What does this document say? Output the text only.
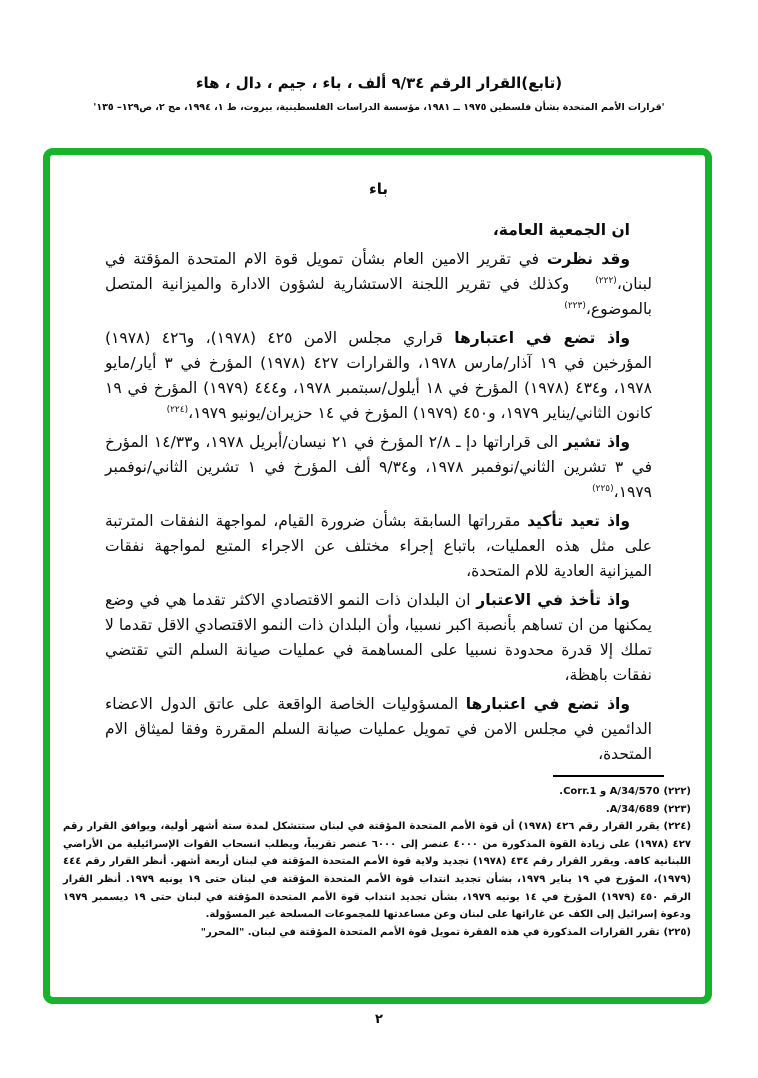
(تابع)القرار الرقم ٩/٣٤ ألف ، باء ، جيم ، دال ، هاء
'قرارات الأمم المتحدة بشأن فلسطين ١٩٧٥ ــ ١٩٨١، مؤسسة الدراسات الفلسطينية، بيروت، ط ١، ١٩٩٤، مج ٢، ص١٢٩– ١٣٥'
باء

ان الجمعية العامة،

وقد نظرت في تقرير الامين العام بشأن تمويل قوة الام المتحدة المؤقتة في لبنان،$^{(٢٢٢)}$   وكذلك في تقرير اللجنة الاستشارية لشؤون الادارة والميزانية المتصل بالموضوع،$^{(٢٢٣)}$

واذ تضع في اعتبارها قراري مجلس الامن ٤٢٥ (١٩٧٨)، و٤٢٦ (١٩٧٨) المؤرخين في ١٩ آذار/مارس ١٩٧٨، والقرارات ٤٢٧ (١٩٧٨) المؤرخ في ٣ أيار/مايو ١٩٧٨، و٤٣٤ (١٩٧٨) المؤرخ في ١٨ أيلول/سبتمبر ١٩٧٨، و٤٤٤ (١٩٧٩) المؤرخ في ١٩ كانون الثاني/يناير ١٩٧٩، و٤٥٠ (١٩٧٩) المؤرخ في ١٤ حزيران/يونيو ١٩٧٩،$^{(٢٢٤)}$

واذ تشير الى قراراتها دإ ـ ٢/٨ المؤرخ في ٢١ نيسان/أبريل ١٩٧٨، و١٤/٣٣ المؤرخ في ٣ تشرين الثاني/نوفمبر ١٩٧٨، و٩/٣٤ ألف المؤرخ في ١ تشرين الثاني/نوفمبر ١٩٧٩،$^{(٢٢٥)}$

واذ تعيد تأكيد مقرراتها السابقة بشأن ضرورة القيام، لمواجهة النفقات المترتبة على مثل هذه العمليات، باتباع إجراء مختلف عن الاجراء المتبع لمواجهة نفقات الميزانية العادية للام المتحدة،

واذ تأخذ في الاعتبار ان البلدان ذات النمو الاقتصادي الاكثر تقدما هي في وضع يمكنها من ان تساهم بأنصبة اكبر نسبيا، وأن البلدان ذات النمو الاقتصادي الاقل تقدما لا تملك إلا قدرة محدودة نسبيا على المساهمة في عمليات صيانة السلم التي تقتضي نفقات باهظة،

واذ تضع في اعتبارها المسؤوليات الخاصة الواقعة على عاتق الدول الاعضاء الدائمين في مجلس الامن في تمويل عمليات صيانة السلم المقررة وفقا لميثاق الام المتحدة،

(٢٢٢)A/34/570 و Corr.1.

(٢٢٣)A/34/689.

(٢٢٤)يقرر القرار رقم ٤٢٦ (١٩٧٨) أن قوة الأمم المتحدة المؤقتة في لبنان ستتشكل لمدة ستة أشهر أولية، ويوافق القرار رقم ٤٢٧ (١٩٧٨) على زيادة القوة المذكورة من ٤٠٠٠ عنصر إلى ٦٠٠٠ عنصر تقريباً، ويطلب انسحاب القوات الإسرائيلية من الأراضي اللبنانية كافة. ويقرر القرار رقم ٤٣٤ (١٩٧٨) تجديد ولاية قوة الأمم المتحدة المؤقتة في لبنان أربعة أشهر. أنظر القرار رقم ٤٤٤ (١٩٧٩)، المؤرخ في ١٩ يناير ١٩٧٩، بشأن تجديد انتداب قوة الأمم المتحدة المؤقتة في لبنان حتى ١٩ يونيه ١٩٧٩. أنظر القرار الرقم ٤٥٠ (١٩٧٩) المؤرخ في ١٤ يونيه ١٩٧٩، بشأن تجديد انتداب قوة الأمم المتحدة المؤقتة في لبنان حتى ١٩ ديسمبر ١٩٧٩ ودعوة إسرائيل إلى الكف عن غاراتها على لبنان وعن مساعدتها للمجموعات المسلحة غير المسؤولة.

(٢٢٥)تقرر القرارات المذكورة في هذه الفقرة تمويل قوة الأمم المتحدة المؤقتة في لبنان. "المحرر"

٢
